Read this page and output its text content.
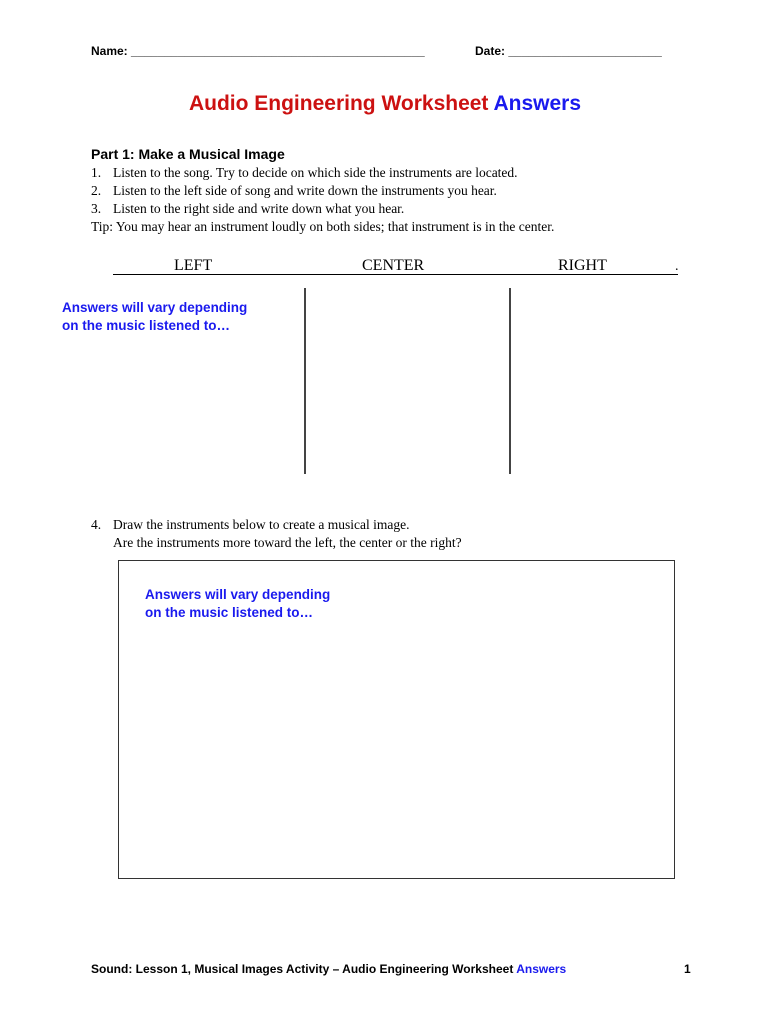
Name: ____________________________________________	Date: _______________________
Audio Engineering Worksheet Answers
Part 1: Make a Musical Image
1. Listen to the song. Try to decide on which side the instruments are located.
2. Listen to the left side of song and write down the instruments you hear.
3. Listen to the right side and write down what you hear.
Tip: You may hear an instrument loudly on both sides; that instrument is in the center.
LEFT	CENTER	RIGHT	.
Answers will vary depending
on the music listened to…
4. Draw the instruments below to create a musical image.
Are the instruments more toward the left, the center or the right?
Answers will vary depending
on the music listened to…
Sound: Lesson 1, Musical Images Activity – Audio Engineering Worksheet Answers	1
